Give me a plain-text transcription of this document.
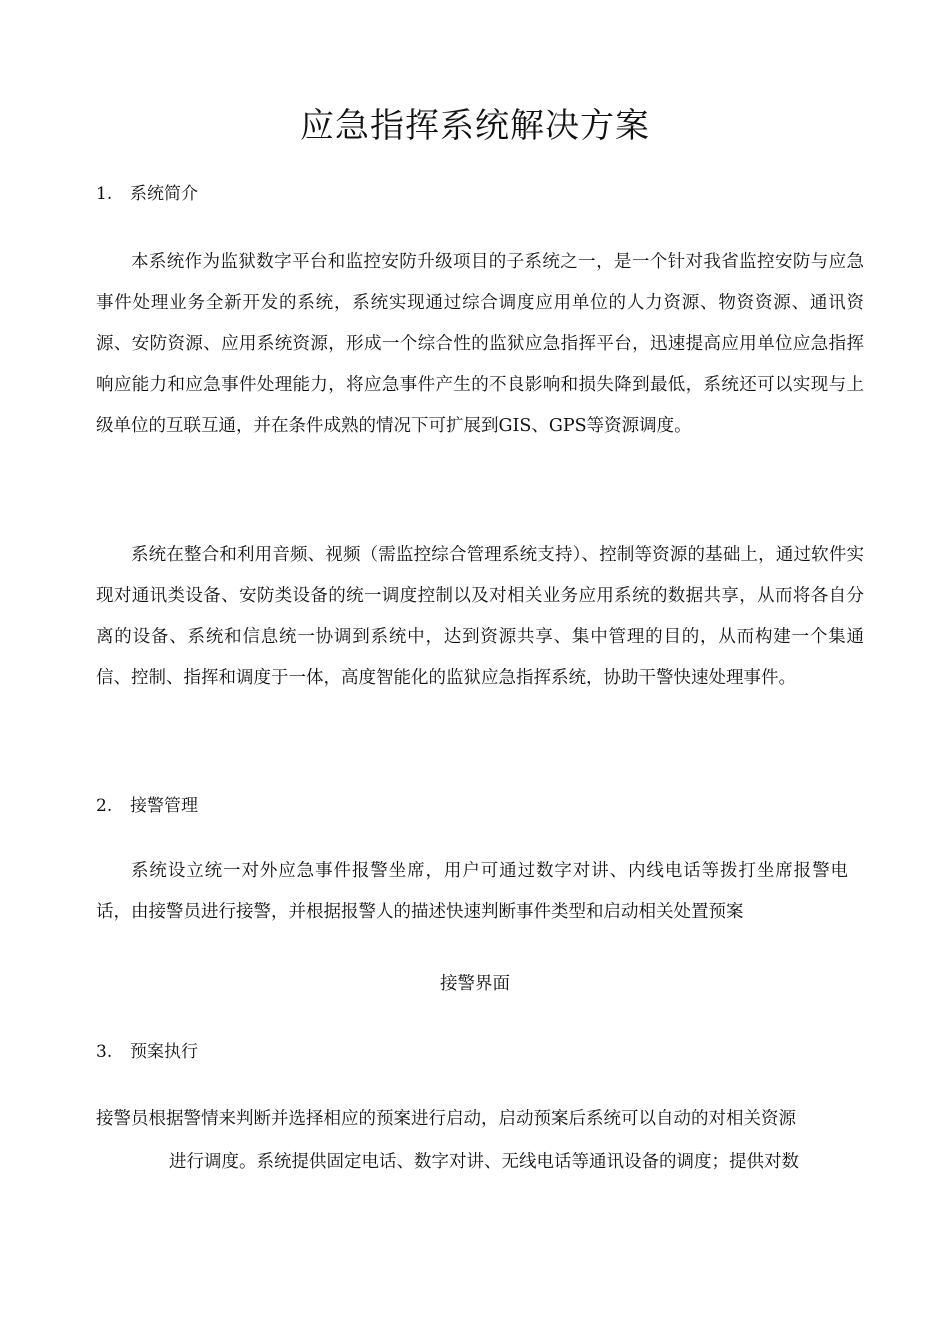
应急指挥系统解决方案
1. 系统简介
本系统作为监狱数字平台和监控安防升级项目的子系统之一，是一个针对我省监控安防与应急事件处理业务全新开发的系统，系统实现通过综合调度应用单位的人力资源、物资资源、通讯资源、安防资源、应用系统资源，形成一个综合性的监狱应急指挥平台，迅速提高应用单位应急指挥响应能力和应急事件处理能力，将应急事件产生的不良影响和损失降到最低，系统还可以实现与上级单位的互联互通，并在条件成熟的情况下可扩展到GIS、GPS等资源调度。
系统在整合和利用音频、视频（需监控综合管理系统支持）、控制等资源的基础上，通过软件实现对通讯类设备、安防类设备的统一调度控制以及对相关业务应用系统的数据共享，从而将各自分离的设备、系统和信息统一协调到系统中，达到资源共享、集中管理的目的，从而构建一个集通信、控制、指挥和调度于一体，高度智能化的监狱应急指挥系统，协助干警快速处理事件。
2. 接警管理
系统设立统一对外应急事件报警坐席，用户可通过数字对讲、内线电话等拨打坐席报警电话，由接警员进行接警，并根据报警人的描述快速判断事件类型和启动相关处置预案
接警界面
3. 预案执行
接警员根据警情来判断并选择相应的预案进行启动，启动预案后系统可以自动的对相关资源
进行调度。系统提供固定电话、数字对讲、无线电话等通讯设备的调度；提供对数
